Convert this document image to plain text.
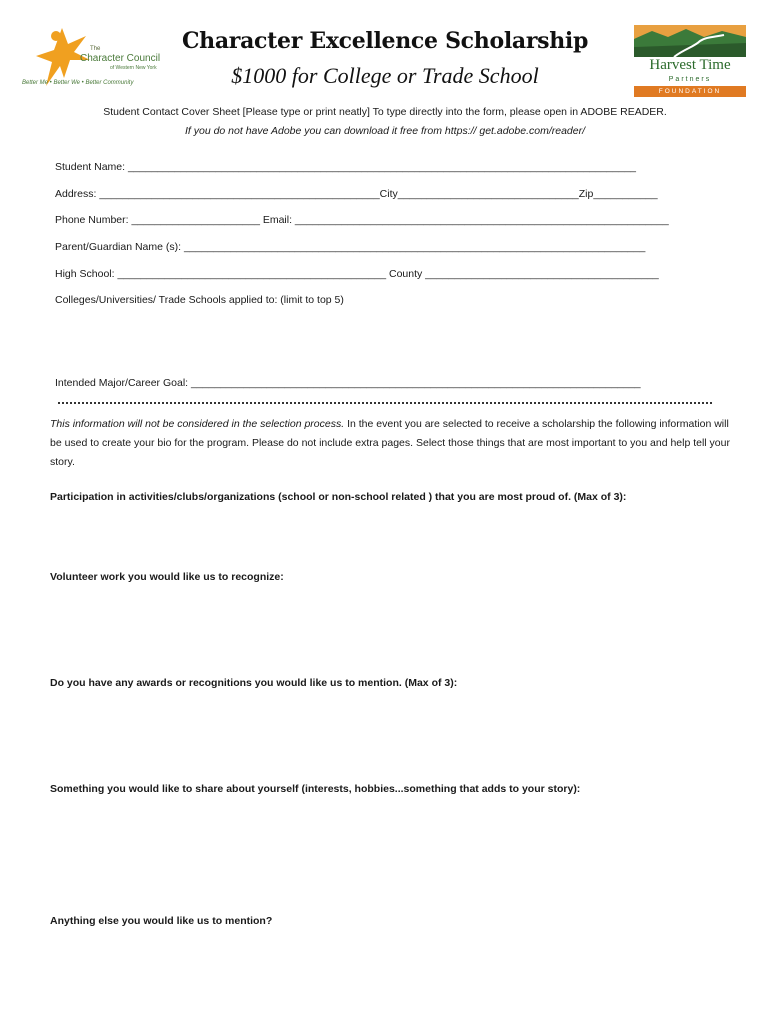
The
Character Council
of Western New York
Better Me • Better We • Better Community
Character Excellence Scholarship
$1000 for College or Trade School	Harvest Time
Partners
FOUNDATION
Student Contact Cover Sheet [Please type or print neatly] To type directly into the form, please open in ADOBE READER.
If you do not have Adobe you can download it free from https:// get.adobe.com/reader/
Student Name: _______________________________________________________________________________________
Address: ________________________________________________City_______________________________Zip___________
Phone Number: ______________________ Email: ________________________________________________________________
Parent/Guardian Name (s): _______________________________________________________________________________
High School: ______________________________________________ County ________________________________________
Colleges/Universities/ Trade Schools applied to: (limit to top 5)
Intended Major/Career Goal: _____________________________________________________________________________
This information will not be considered in the selection process. In the event you are selected to receive a scholarship the following information will be used to create your bio for the program. Please do not include extra pages. Select those things that are most important to you and help tell your story.
Participation in activities/clubs/organizations (school or non-school related ) that you are most proud of. (Max of 3):
Volunteer work you would like us to recognize:
Do you have any awards or recognitions you would like us to mention. (Max of 3):
Something you would like to share about yourself (interests, hobbies...something that adds to your story):
Anything else you would like us to mention?
